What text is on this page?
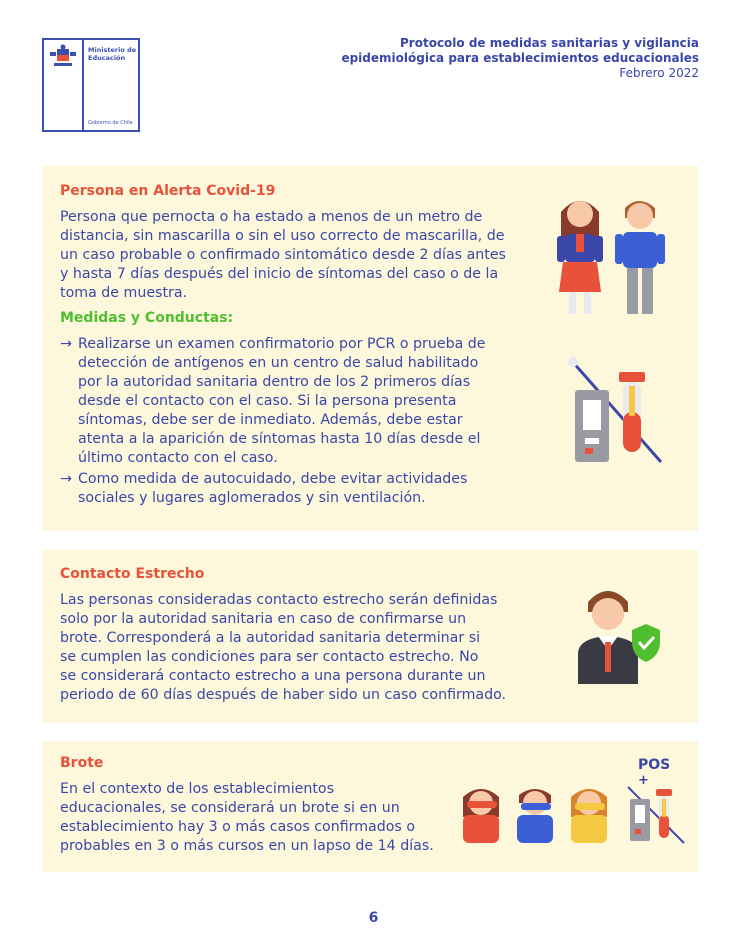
Ministerio de
Educación
Gobierno de Chile
Protocolo de medidas sanitarias y vigilancia
epidemiológica para establecimientos educacionales
Febrero 2022
Persona en Alerta Covid-19
Persona que pernocta o ha estado a menos de un metro de
distancia, sin mascarilla o sin el uso correcto de mascarilla, de
un caso probable o confirmado sintomático desde 2 días antes
y hasta 7 días después del inicio de síntomas del caso o de la
toma de muestra.
Medidas y Conductas:
→ Realizarse un examen confirmatorio por PCR o prueba de
detección de antígenos en un centro de salud habilitado
por la autoridad sanitaria dentro de los 2 primeros días
desde el contacto con el caso. Si la persona presenta
síntomas, debe ser de inmediato. Además, debe estar
atenta a la aparición de síntomas hasta 10 días desde el
último contacto con el caso.
→ Como medida de autocuidado, debe evitar actividades
sociales y lugares aglomerados y sin ventilación.
Contacto Estrecho
Las personas consideradas contacto estrecho serán definidas
solo por la autoridad sanitaria en caso de confirmarse un
brote. Corresponderá a la autoridad sanitaria determinar si
se cumplen las condiciones para ser contacto estrecho. No
se considerará contacto estrecho a una persona durante un
periodo de 60 días después de haber sido un caso confirmado.
Brote
En el contexto de los establecimientos
educacionales, se considerará un brote si en un
establecimiento hay 3 o más casos confirmados o
probables en 3 o más cursos en un lapso de 14 días.
POS
+
6
